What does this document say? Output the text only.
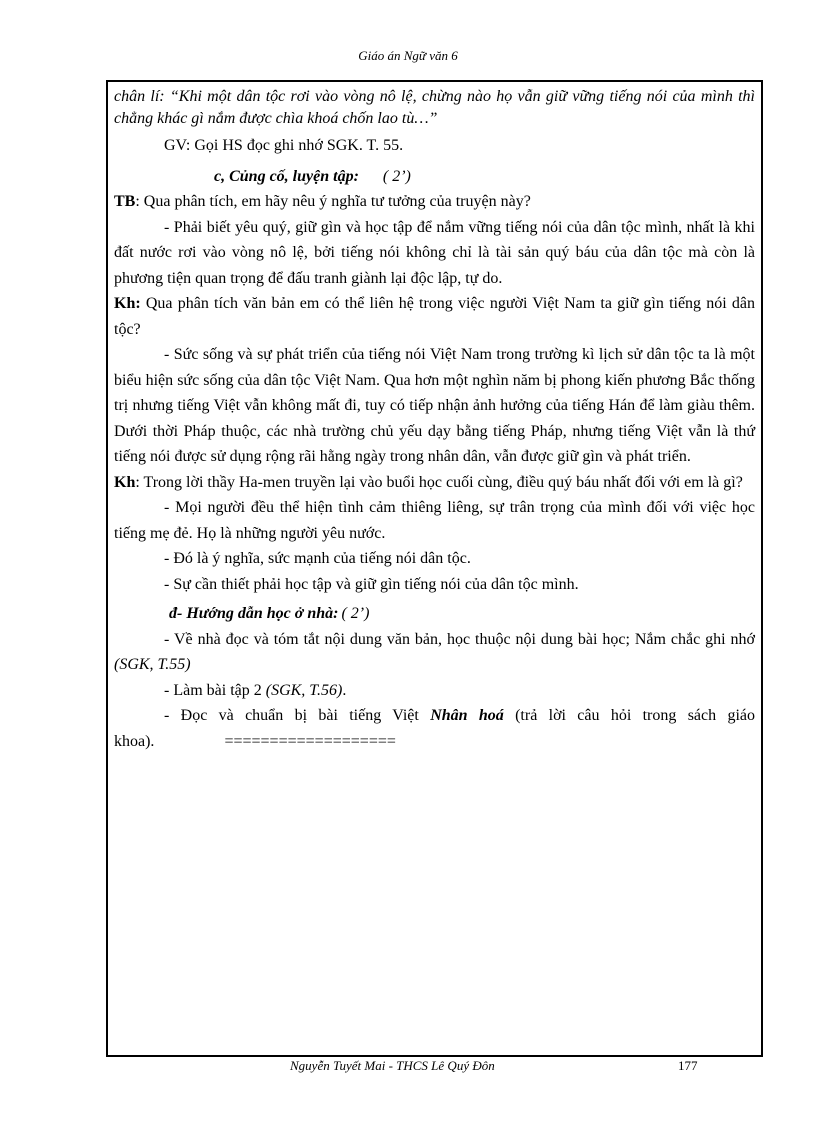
Giáo án Ngữ văn 6

chân lí: “Khi một dân tộc rơi vào vòng nô lệ, chừng nào họ vẫn giữ vững tiếng nói của mình thì chẳng khác gì nắm được chìa khoá chốn lao tù…”

GV: Gọi HS đọc ghi nhớ SGK. T. 55.

c, Củng cố, luyện tập: ( 2’)

TB: Qua phân tích, em hãy nêu ý nghĩa tư tưởng của truyện này?

- Phải biết yêu quý, giữ gìn và học tập để nắm vững tiếng nói của dân tộc mình, nhất là khi đất nước rơi vào vòng nô lệ, bởi tiếng nói không chỉ là tài sản quý báu của dân tộc mà còn là phương tiện quan trọng để đấu tranh giành lại độc lập, tự do.

Kh: Qua phân tích văn bản em có thể liên hệ trong việc người Việt Nam ta giữ gìn tiếng nói dân tộc?

- Sức sống và sự phát triển của tiếng nói Việt Nam trong trường kì lịch sử dân tộc ta là một biểu hiện sức sống của dân tộc Việt Nam. Qua hơn một nghìn năm bị phong kiến phương Bắc thống trị nhưng tiếng Việt vẫn không mất đi, tuy có tiếp nhận ảnh hưởng của tiếng Hán để làm giàu thêm. Dưới thời Pháp thuộc, các nhà trường chủ yếu dạy bằng tiếng Pháp, nhưng tiếng Việt vẫn là thứ tiếng nói được sử dụng rộng rãi hằng ngày trong nhân dân, vẫn được giữ gìn và phát triển.

Kh: Trong lời thầy Ha-men truyền lại vào buổi học cuối cùng, điều quý báu nhất đối với em là gì?

- Mọi người đều thể hiện tình cảm thiêng liêng, sự trân trọng của mình đối với việc học tiếng mẹ đẻ. Họ là những người yêu nước.

- Đó là ý nghĩa, sức mạnh của tiếng nói dân tộc.

- Sự cần thiết phải học tập và giữ gìn tiếng nói của dân tộc mình.

đ- Hướng dẫn học ở nhà: ( 2’)

- Về nhà đọc và tóm tắt nội dung văn bản, học thuộc nội dung bài học; Nắm chắc ghi nhớ (SGK, T.55)

- Làm bài tập 2 (SGK, T.56).

- Đọc và chuẩn bị bài tiếng Việt Nhân hoá (trả lời câu hỏi trong sách giáo khoa).	===================

Nguyễn Tuyết Mai - THCS Lê Quý Đôn	177
